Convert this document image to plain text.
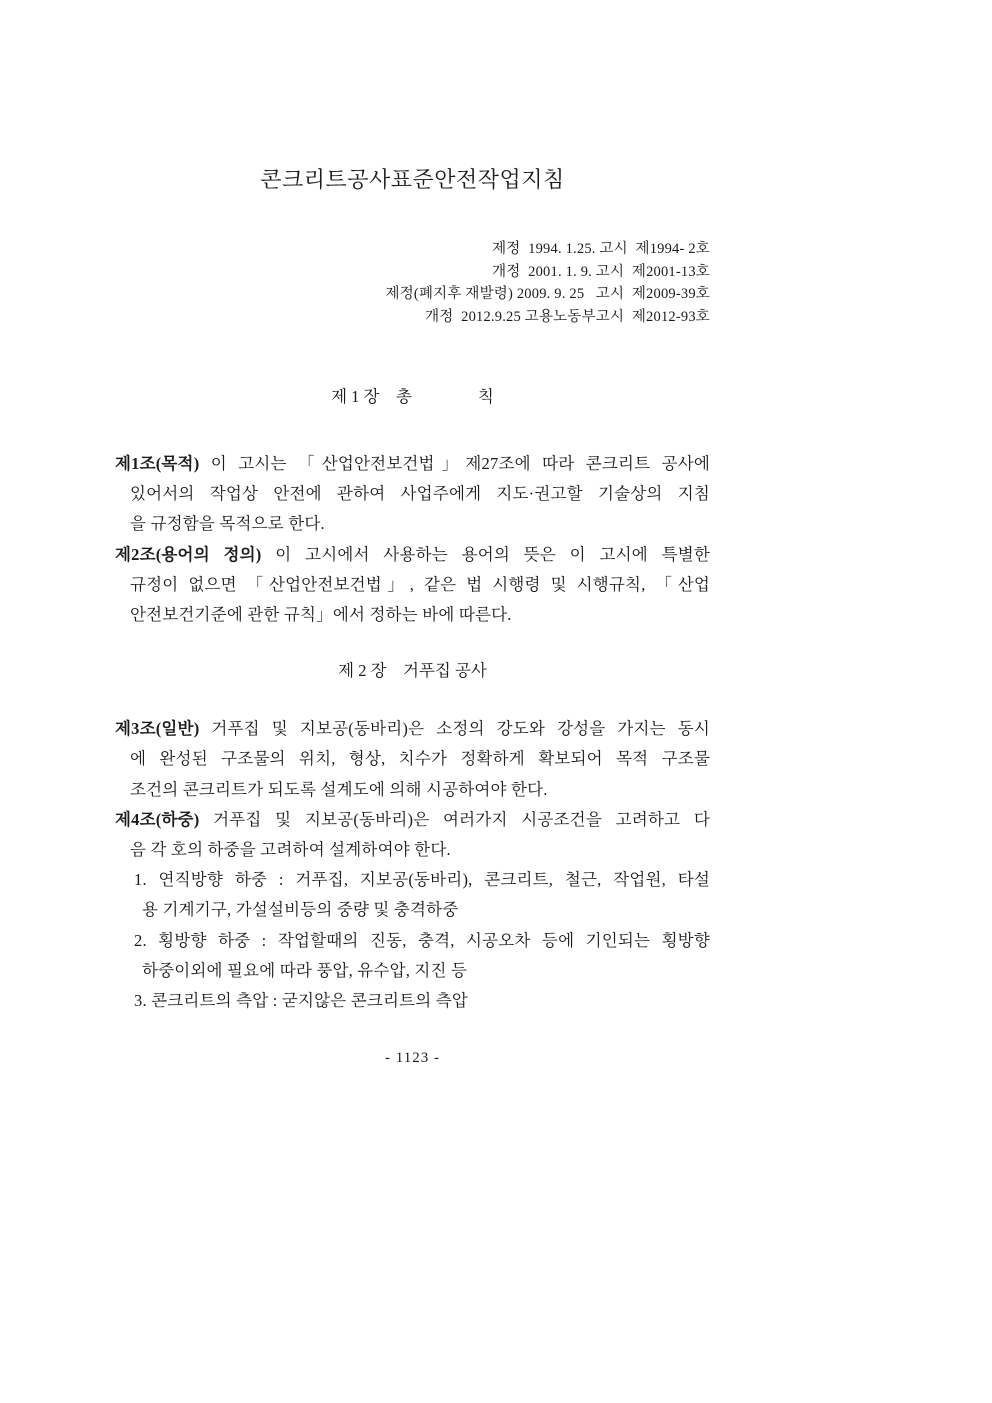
콘크리트공사표준안전작업지침
제정  1994. 1.25. 고시  제1994- 2호
개정  2001. 1. 9. 고시  제2001-13호
제정(폐지후 재발령) 2009. 9. 25   고시  제2009-39호
개정  2012.9.25 고용노동부고시  제2012-93호
제 1 장　총　　　　칙
제1조(목적) 이 고시는 「산업안전보건법」제27조에 따라 콘크리트 공사에
있어서의 작업상 안전에 관하여 사업주에게 지도·권고할 기술상의 지침
을 규정함을 목적으로 한다.
제2조(용어의 정의) 이 고시에서 사용하는 용어의 뜻은 이 고시에 특별한
규정이 없으면 「산업안전보건법」, 같은 법 시행령 및 시행규칙, 「산업
안전보건기준에 관한 규칙」에서 정하는 바에 따른다.
제 2 장　거푸집 공사
제3조(일반) 거푸집 및 지보공(동바리)은 소정의 강도와 강성을 가지는 동시
에 완성된 구조물의 위치, 형상, 치수가 정확하게 확보되어 목적 구조물
조건의 콘크리트가 되도록 설계도에 의해 시공하여야 한다.
제4조(하중) 거푸집 및 지보공(동바리)은 여러가지 시공조건을 고려하고 다
음 각 호의 하중을 고려하여 설계하여야 한다.
1. 연직방향 하중 : 거푸집, 지보공(동바리), 콘크리트, 철근, 작업원, 타설
용 기계기구, 가설설비등의 중량 및 충격하중
2. 횡방향 하중 : 작업할때의 진동, 충격, 시공오차 등에 기인되는 횡방향
하중이외에 필요에 따라 풍압, 유수압, 지진 등
3. 콘크리트의 측압 : 굳지않은 콘크리트의 측압
- 1123 -
